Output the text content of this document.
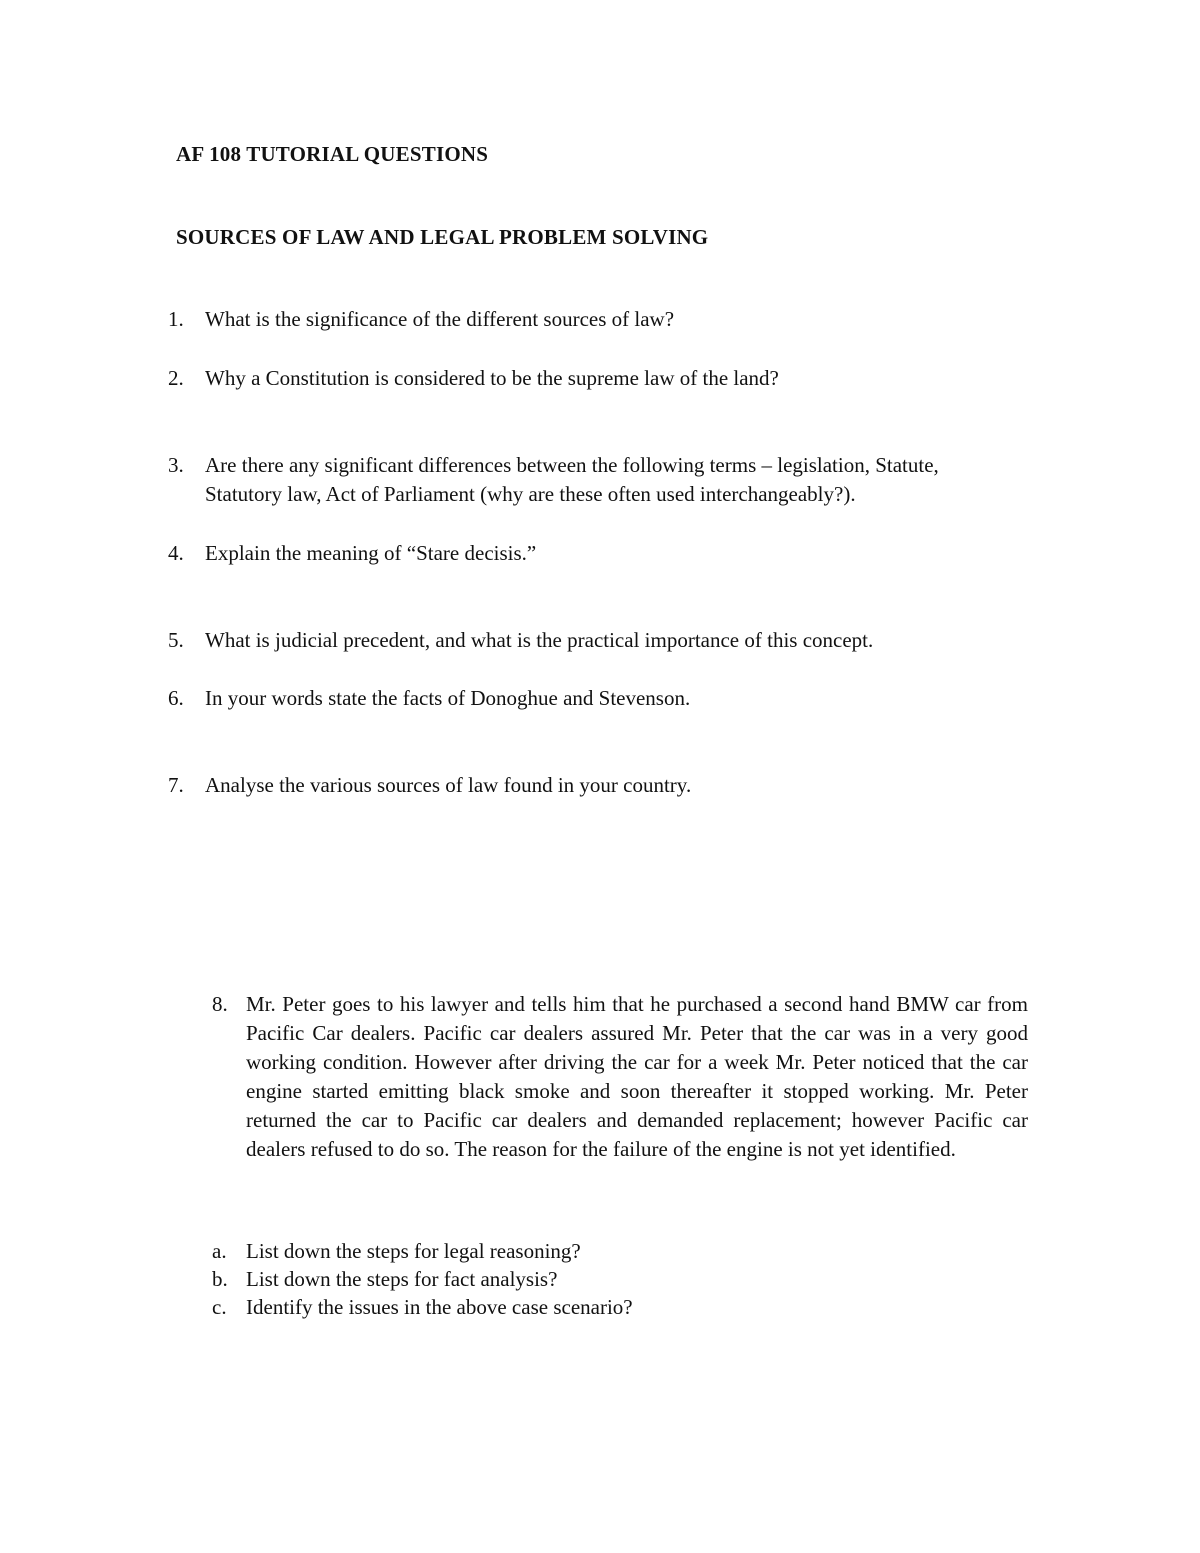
AF 108 TUTORIAL QUESTIONS
SOURCES OF LAW AND LEGAL PROBLEM SOLVING
1.	What is the significance of the different sources of law?
2.	Why a Constitution is considered to be the supreme law of the land?
3.	Are there any significant differences between the following terms – legislation, Statute, Statutory law, Act of Parliament (why are these often used interchangeably?).
4.	Explain the meaning of “Stare decisis.”
5.	What is judicial precedent, and what is the practical importance of this concept.
6.	In your words state the facts of Donoghue and Stevenson.
7.	Analyse the various sources of law found in your country.
8. Mr. Peter goes to his lawyer and tells him that he purchased a second hand BMW car from Pacific Car dealers. Pacific car dealers assured Mr. Peter that the car was in a very good working condition. However after driving the car for a week Mr. Peter noticed that the car engine started emitting black smoke and soon thereafter it stopped working. Mr. Peter returned the car to Pacific car dealers and demanded replacement; however Pacific car dealers refused to do so. The reason for the failure of the engine is not yet identified.
a. List down the steps for legal reasoning?
b. List down the steps for fact analysis?
c. Identify the issues in the above case scenario?
